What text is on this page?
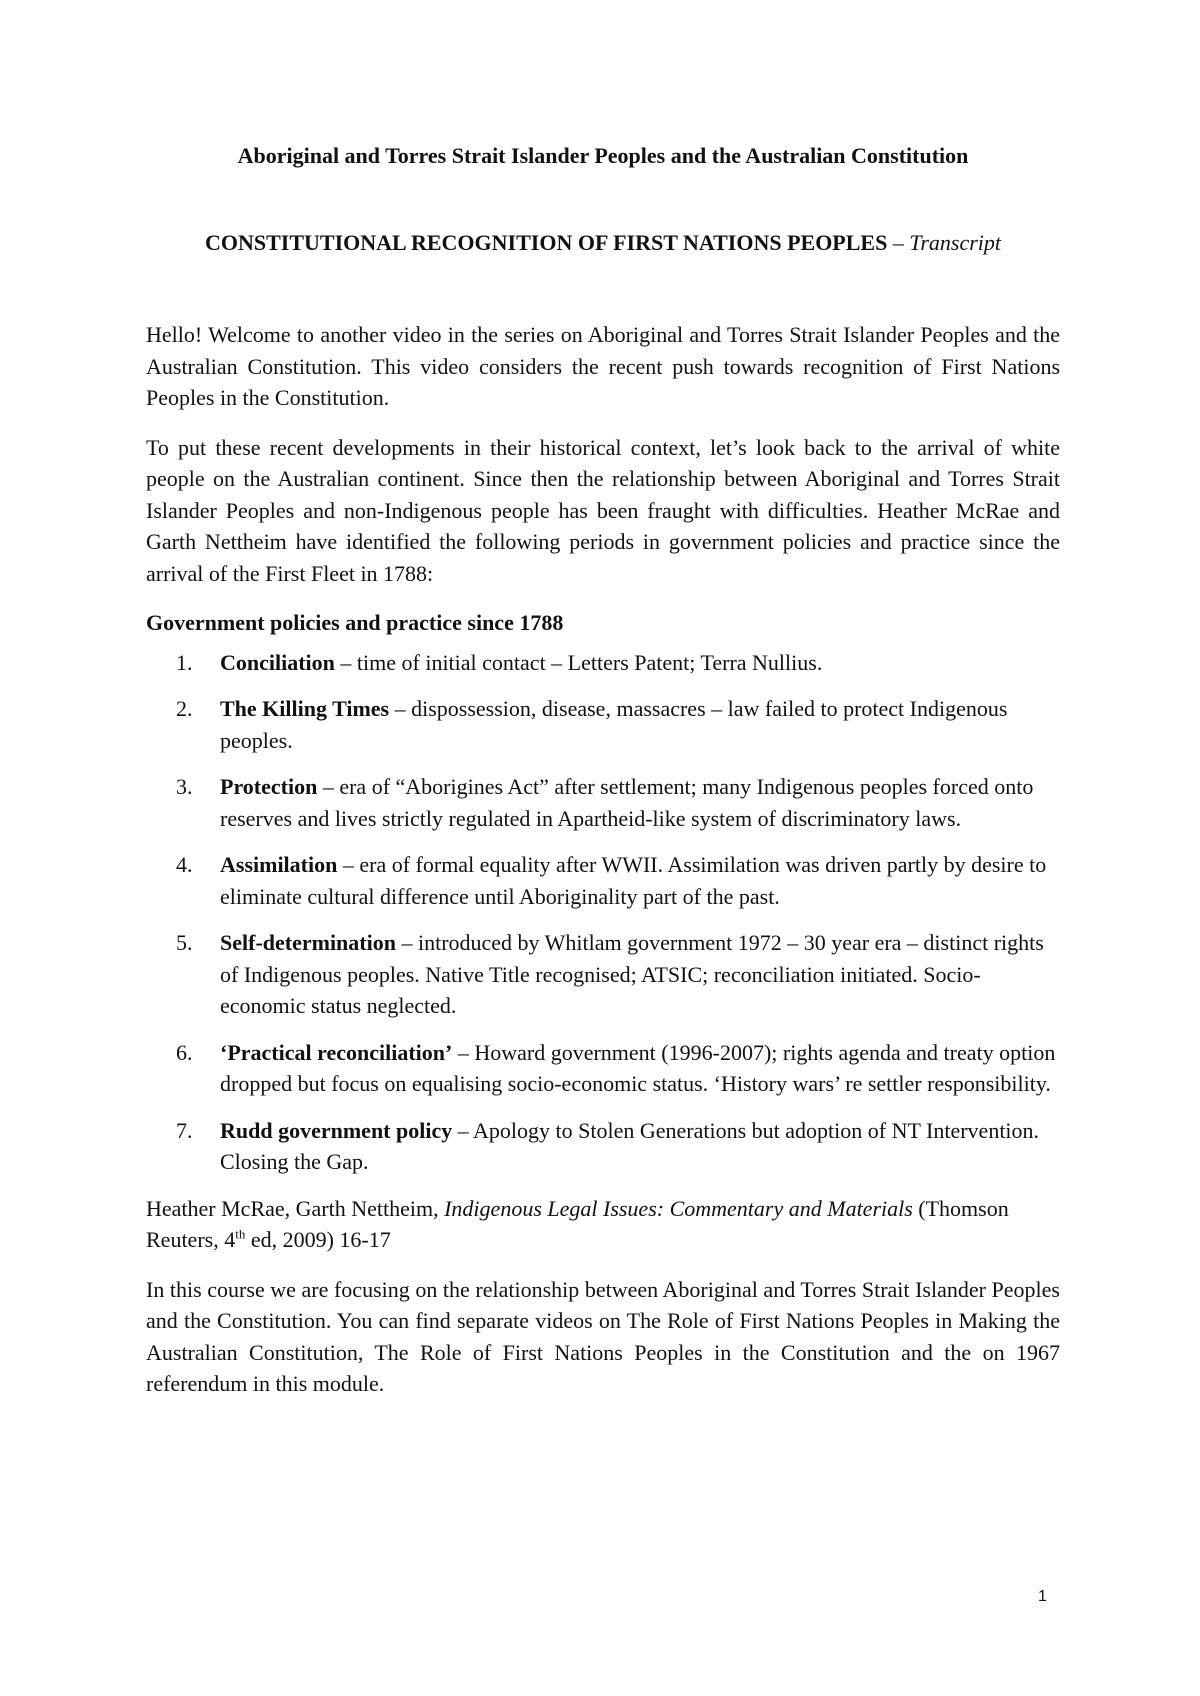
Aboriginal and Torres Strait Islander Peoples and the Australian Constitution

CONSTITUTIONAL RECOGNITION OF FIRST NATIONS PEOPLES – Transcript

Hello! Welcome to another video in the series on Aboriginal and Torres Strait Islander Peoples and the Australian Constitution. This video considers the recent push towards recognition of First Nations Peoples in the Constitution.

To put these recent developments in their historical context, let’s look back to the arrival of white people on the Australian continent. Since then the relationship between Aboriginal and Torres Strait Islander Peoples and non-Indigenous people has been fraught with difficulties. Heather McRae and Garth Nettheim have identified the following periods in government policies and practice since the arrival of the First Fleet in 1788:

Government policies and practice since 1788

1. Conciliation – time of initial contact – Letters Patent; Terra Nullius.
2. The Killing Times – dispossession, disease, massacres – law failed to protect Indigenous peoples.
3. Protection – era of “Aborigines Act” after settlement; many Indigenous peoples forced onto reserves and lives strictly regulated in Apartheid-like system of discriminatory laws.
4. Assimilation – era of formal equality after WWII. Assimilation was driven partly by desire to eliminate cultural difference until Aboriginality part of the past.
5. Self-determination – introduced by Whitlam government 1972 – 30 year era – distinct rights of Indigenous peoples. Native Title recognised; ATSIC; reconciliation initiated. Socio-economic status neglected.
6. ‘Practical reconciliation’ – Howard government (1996-2007); rights agenda and treaty option dropped but focus on equalising socio-economic status. ‘History wars’ re settler responsibility.
7. Rudd government policy – Apology to Stolen Generations but adoption of NT Intervention. Closing the Gap.

Heather McRae, Garth Nettheim, Indigenous Legal Issues: Commentary and Materials (Thomson Reuters, 4th ed, 2009) 16-17

In this course we are focusing on the relationship between Aboriginal and Torres Strait Islander Peoples and the Constitution. You can find separate videos on The Role of First Nations Peoples in Making the Australian Constitution, The Role of First Nations Peoples in the Constitution and the on 1967 referendum in this module.

1
